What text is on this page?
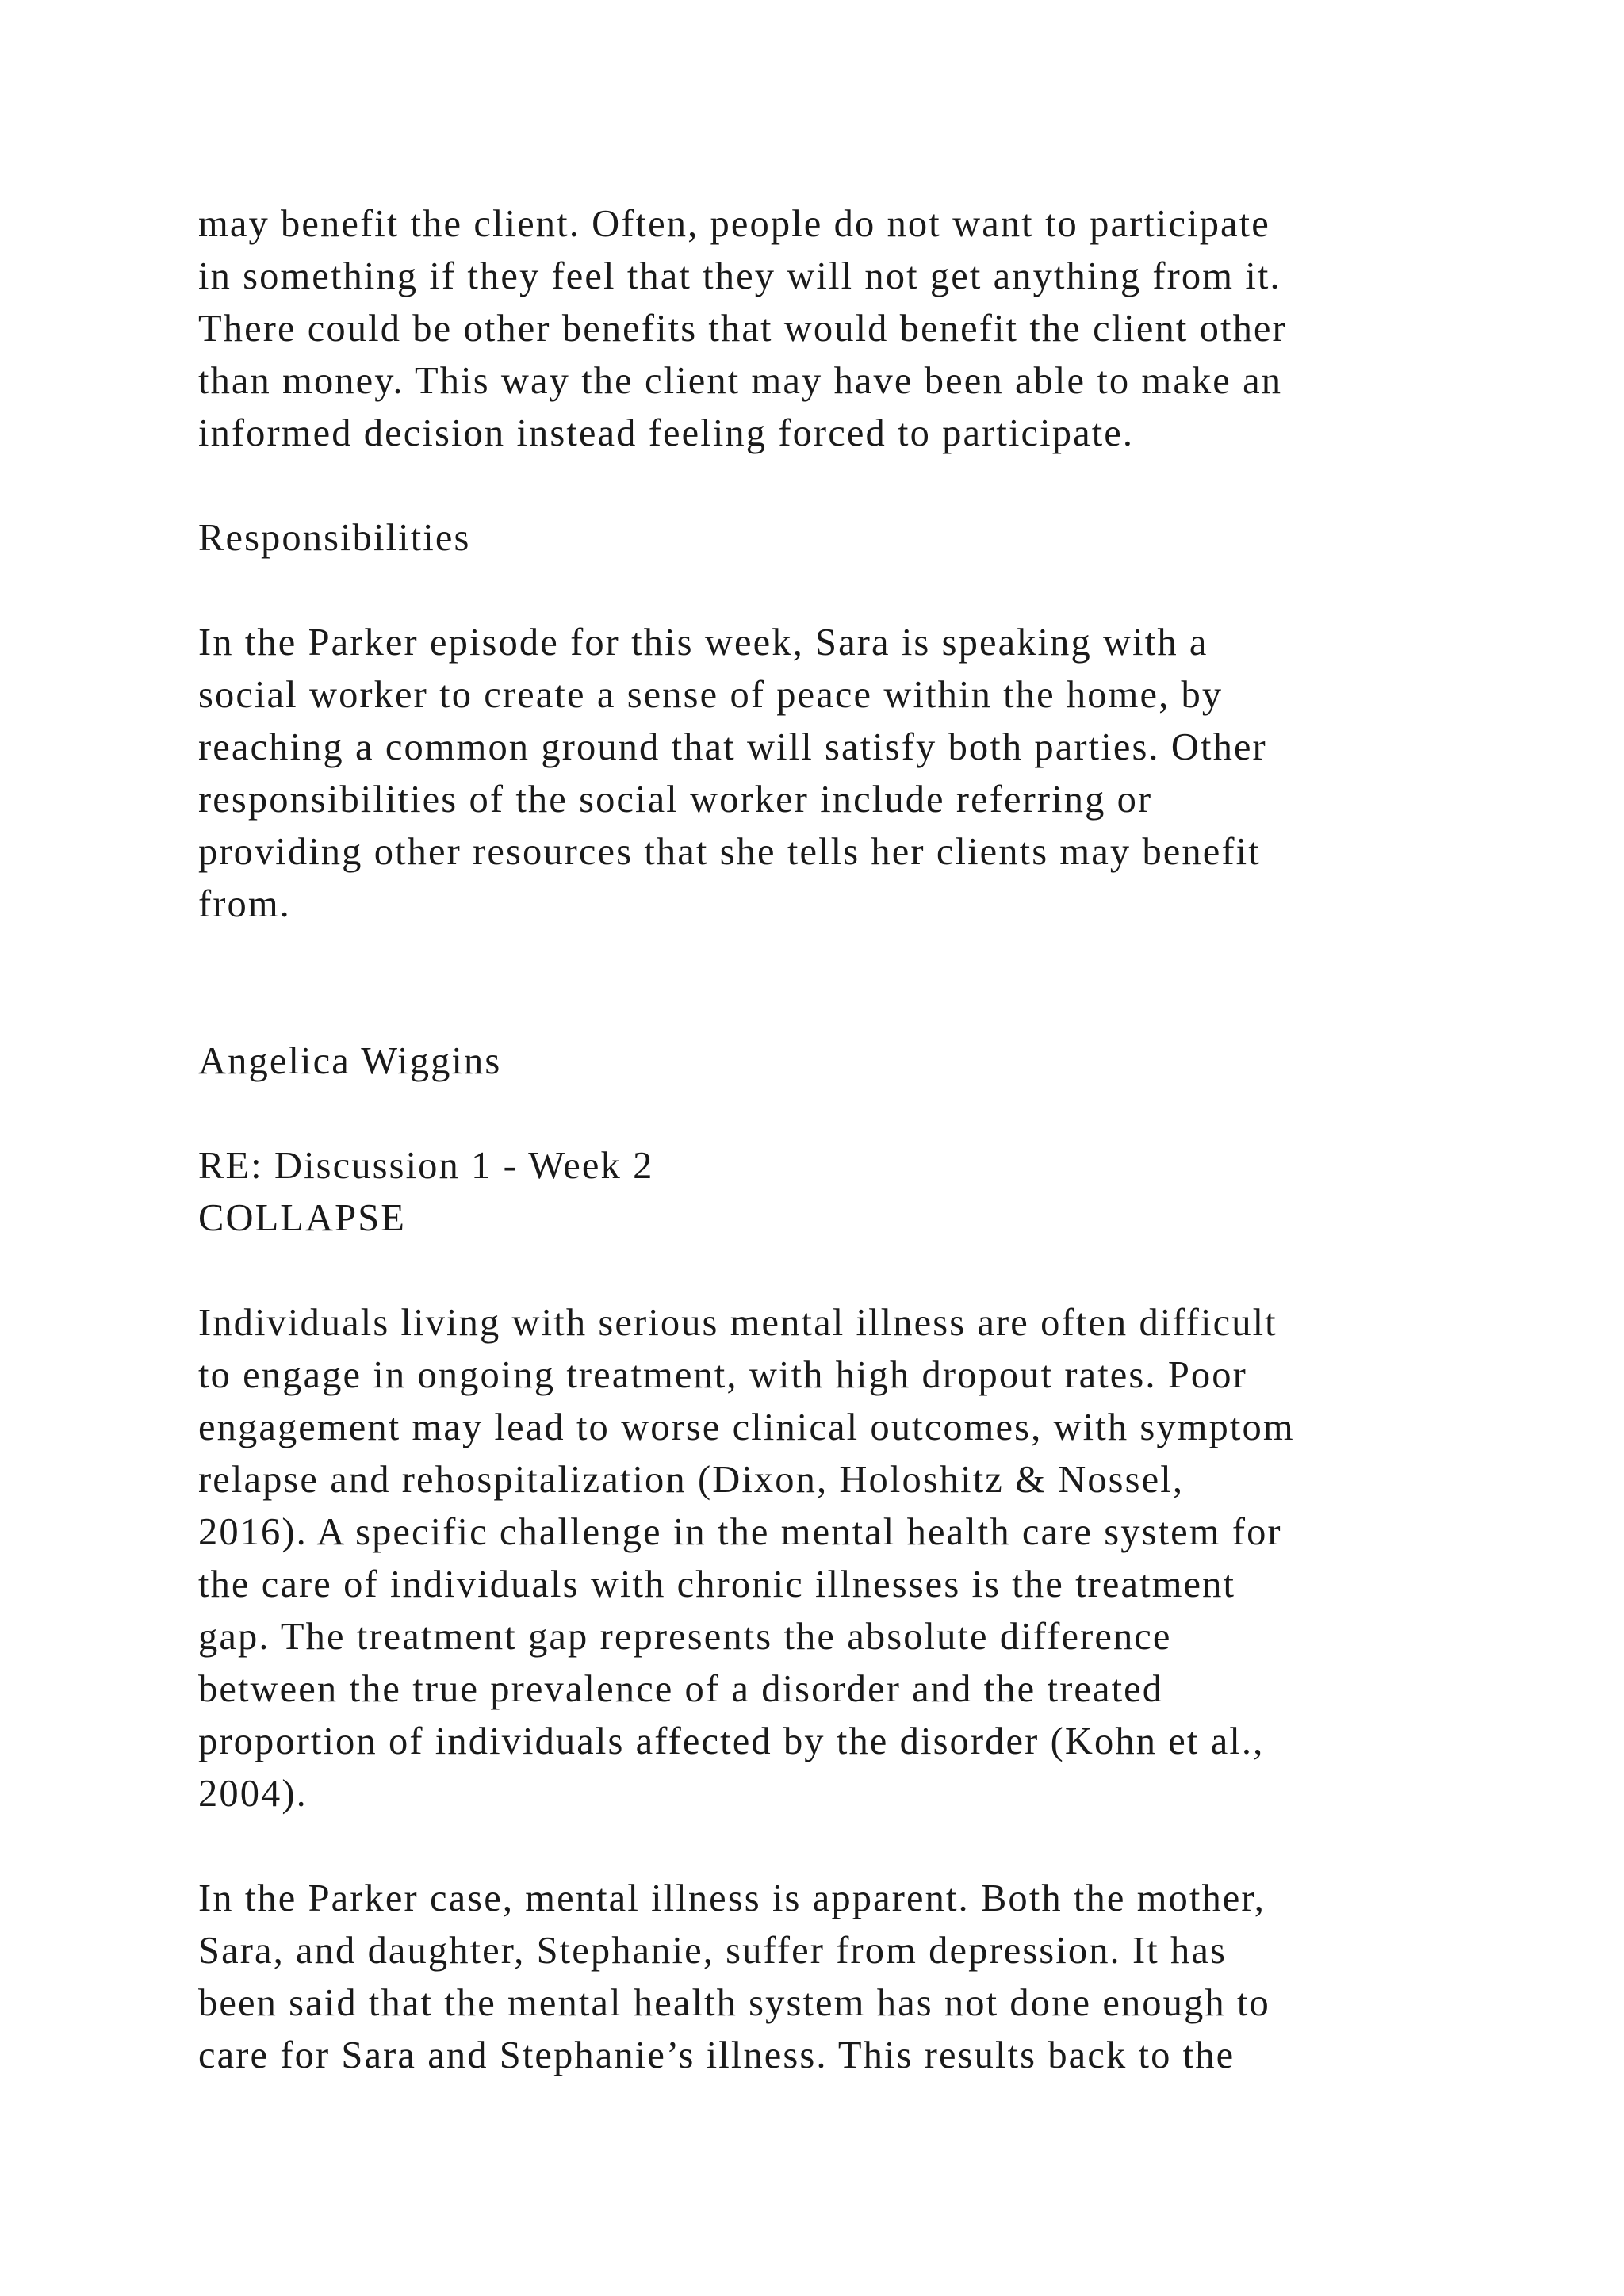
may benefit the client. Often, people do not want to participate

in something if they feel that they will not get anything from it.

There could be other benefits that would benefit the client other

than money. This way the client may have been able to make an

informed decision instead feeling forced to participate.

Responsibilities

In the Parker episode for this week, Sara is speaking with a

social worker to create a sense of peace within the home, by

reaching a common ground that will satisfy both parties. Other

responsibilities of the social worker include referring or

providing other resources that she tells her clients may benefit

from.

Angelica Wiggins

RE: Discussion 1 - Week 2

COLLAPSE

Individuals living with serious mental illness are often difficult

to engage in ongoing treatment, with high dropout rates. Poor

engagement may lead to worse clinical outcomes, with symptom

relapse and rehospitalization (Dixon, Holoshitz & Nossel,

2016). A specific challenge in the mental health care system for

the care of individuals with chronic illnesses is the treatment

gap. The treatment gap represents the absolute difference

between the true prevalence of a disorder and the treated

proportion of individuals affected by the disorder (Kohn et al.,

2004).

In the Parker case, mental illness is apparent. Both the mother,

Sara, and daughter, Stephanie, suffer from depression. It has

been said that the mental health system has not done enough to

care for Sara and Stephanie’s illness. This results back to the
